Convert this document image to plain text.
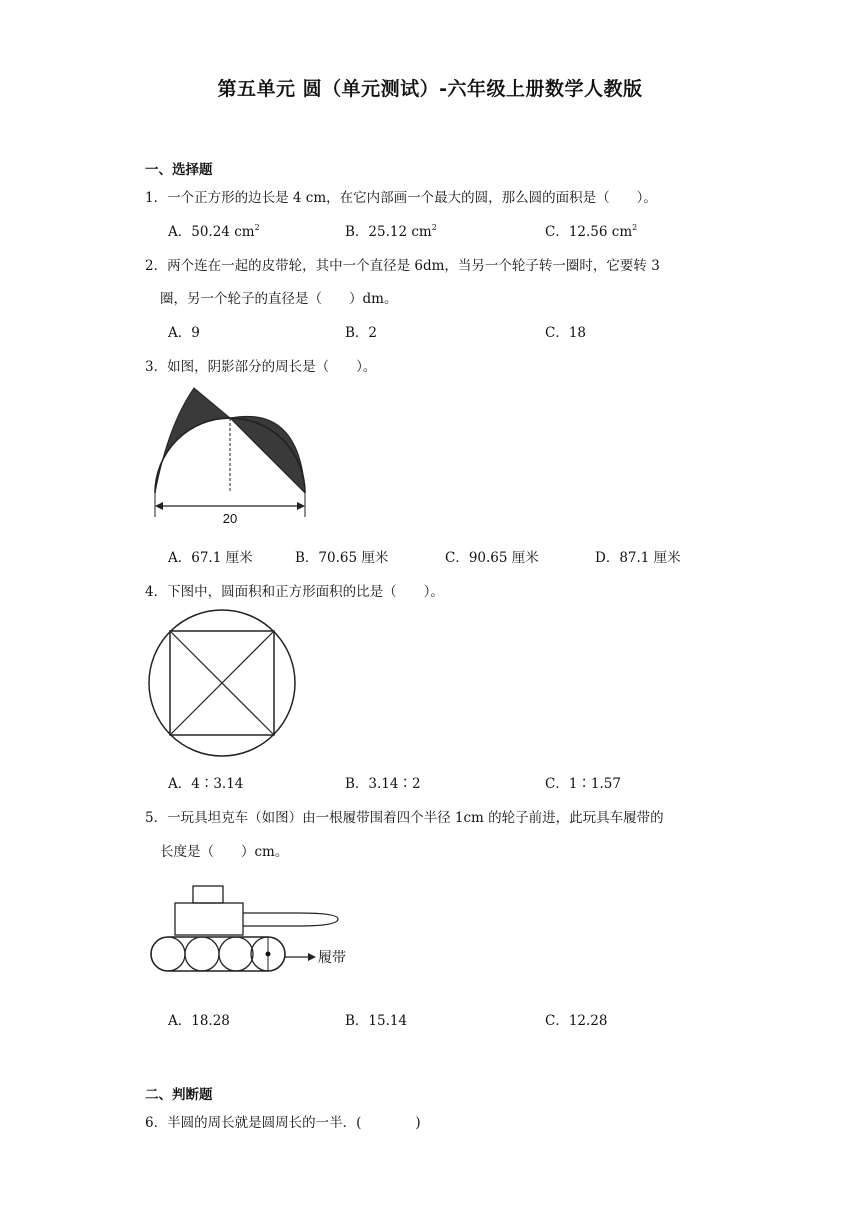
第五单元 圆（单元测试）-六年级上册数学人教版
一、选择题
1．一个正方形的边长是 4 cm，在它内部画一个最大的圆，那么圆的面积是（　　）。
A．50.24 $cm^2$	B．25.12 $cm^2$	C．12.56 $cm^2$
2．两个连在一起的皮带轮，其中一个直径是 6dm，当另一个轮子转一圈时，它要转 3
圈，另一个轮子的直径是（　　）dm。
A．9	B．2	C．18
3．如图，阴影部分的周长是（　　）。
20
A．67.1 厘米	B．70.65 厘米	C．90.65 厘米	D．87.1 厘米
4．下图中，圆面积和正方形面积的比是（　　）。
A．4∶3.14	B．3.14∶2	C．1∶1.57
5．一玩具坦克车（如图）由一根履带围着四个半径 1cm 的轮子前进，此玩具车履带的
长度是（　　）cm。
履带
A．18.28	B．15.14	C．12.28
二、判断题
6．半圆的周长就是圆周长的一半．(　　　　)
